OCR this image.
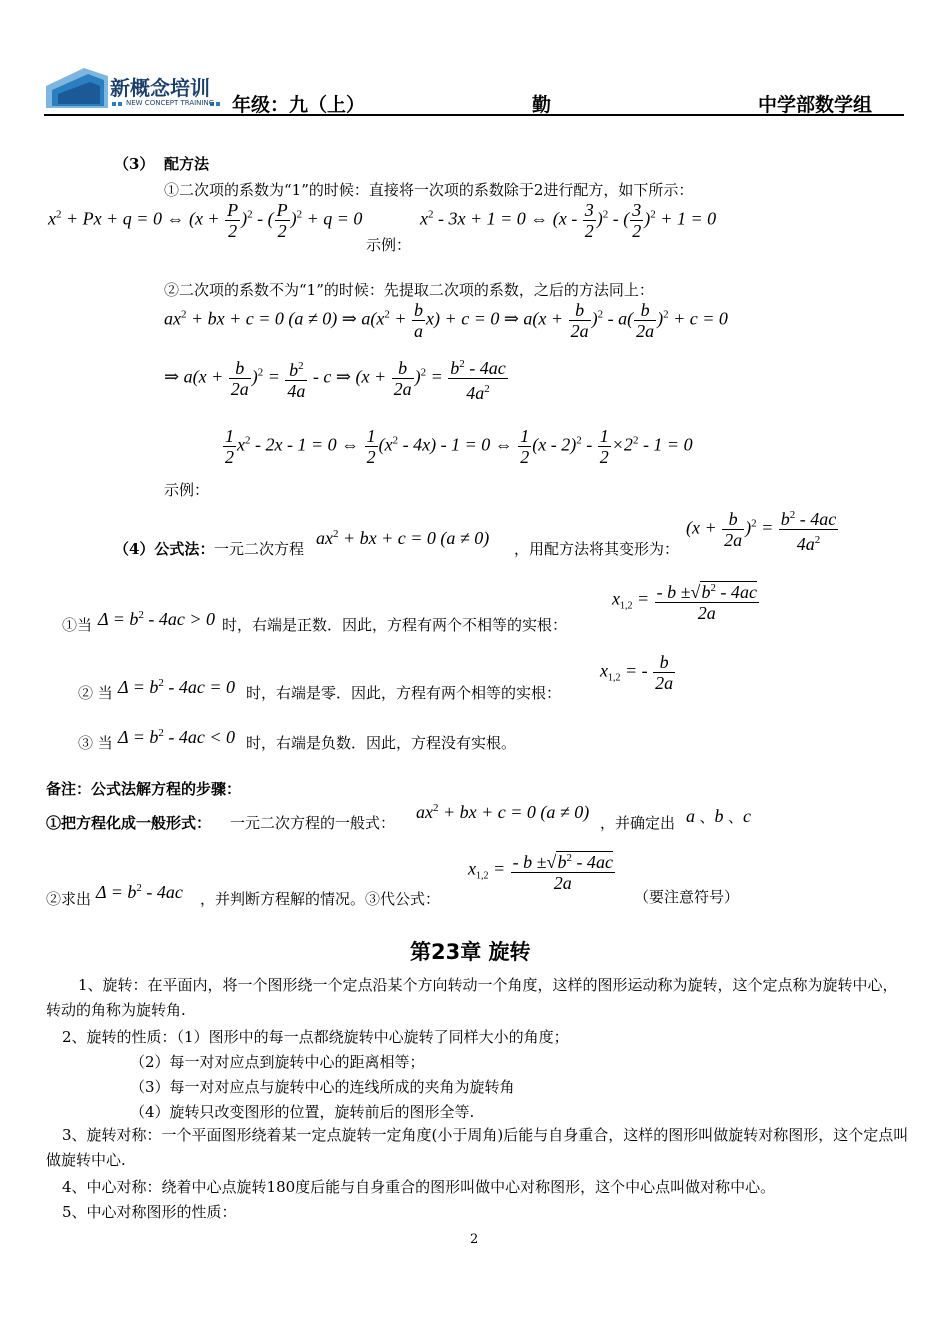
新概念培训
NEW CONCEPT TRAINING 年级：九（上）	勤	中学部数学组
（3） 配方法
①二次项的系数为“1”的时候：直接将一次项的系数除于2进行配方，如下所示：
$x^2 + Px + q = 0$ ⇔ $(x + \frac{P}{2} )^2$ - ( $\frac{P}{2} )^2 + q = 0$
示例：
$x^2 - 3x + 1 = 0$ ⇔ $(x - \frac{3}{2} )^2$ - ( $\frac{3}{2} )^2 + 1 = 0$
②二次项的系数不为“1”的时候：先提取二次项的系数，之后的方法同上：
$ax^2$ + bx + c = 0 (a ≠ 0) ⇒ $a(x^2 + \frac{b}{a} x) + c = 0$ ⇒ $a(x + \frac{b}{2a} )^2 - a( \frac{b}{2a} )^2 + c = 0$
⇒ $a(x + \frac{b}{2a} )^2 = \frac{b^2}{4a} - c$ ⇒ $(x + \frac{b}{2a} )^2 = \frac{b^2 - 4ac}{4a^2}$
$\frac{1}{2} x^2 - 2x - 1 = 0$ ⇔ $\frac{1}{2} (x^2 - 4x) - 1 = 0$ ⇔ $\frac{1}{2} (x - 2)^2 - \frac{1}{2} \times 2^2 - 1 = 0$
示例：
（4）公式法： 一元二次方程
$ax^2$ + bx + c = 0 (a ≠ 0)
，用配方法将其变形为：
$(x + \frac{b}{2a} )^2 = \frac{b^2 - 4ac}{4a^2}$
①当 $\Delta = b^2 - 4ac > 0$ 时，右端是正数．因此，方程有两个不相等的实根：
$x_{1,2} = \frac{- b \pm√b^2 - 4ac}{2a}$
② 当 $\Delta = b^2 - 4ac = 0$ 时，右端是零．因此，方程有两个相等的实根：
$x_{1,2}$ = - $\frac{b}{2a}$
③ 当 $\Delta = b^2 - 4ac < 0$ 时，右端是负数．因此，方程没有实根。
备注：公式法解方程的步骤：
①把方程化成一般形式： 一元二次方程的一般式：
$ax^2$ + bx + c = 0 (a ≠ 0)
，并确定出 a 、b 、c
②求出 $\Delta = b^2 - 4ac$ ，并判断方程解的情况。③代公式：
$x_{1,2} = \frac{- b \pm√b^2 - 4ac}{2a}$
（要注意符号）
第23章 旋转
1、旋转：在平面内，将一个图形绕一个定点沿某个方向转动一个角度，这样的图形运动称为旋转，这个定点称为旋转中心，转动的角称为旋转角.
2、旋转的性质：（1）图形中的每一点都绕旋转中心旋转了同样大小的角度；
（2）每一对对应点到旋转中心的距离相等；
（3）每一对对应点与旋转中心的连线所成的夹角为旋转角
（4）旋转只改变图形的位置，旋转前后的图形全等.
3、旋转对称：一个平面图形绕着某一定点旋转一定角度(小于周角)后能与自身重合，这样的图形叫做旋转对称图形，这个定点叫做旋转中心.
4、中心对称：绕着中心点旋转180度后能与自身重合的图形叫做中心对称图形，这个中心点叫做对称中心。
5、中心对称图形的性质：
2
